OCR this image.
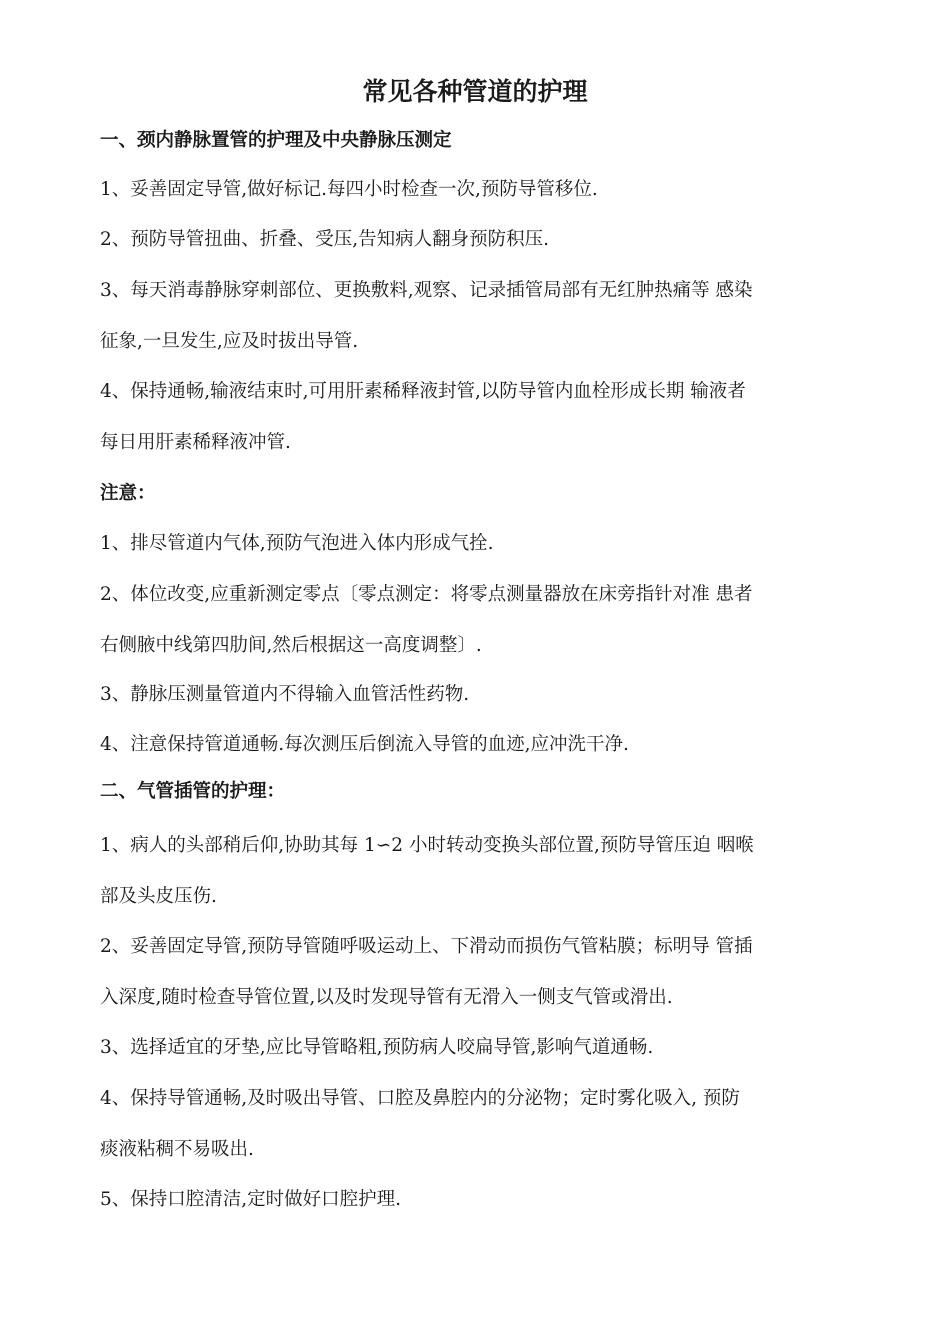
常见各种管道的护理
一、颈内静脉置管的护理及中央静脉压测定
1、妥善固定导管,做好标记.每四小时检查一次,预防导管移位.
2、预防导管扭曲、折叠、受压,告知病人翻身预防积压.
3、每天消毒静脉穿刺部位、更换敷料,观察、记录插管局部有无红肿热痛等 感染
征象,一旦发生,应及时拔出导管.
4、保持通畅,输液结束时,可用肝素稀释液封管,以防导管内血栓形成长期 输液者
每日用肝素稀释液冲管.
注意：
1、排尽管道内气体,预防气泡进入体内形成气拴.
2、体位改变,应重新测定零点〔零点测定：将零点测量器放在床旁指针对准 患者
右侧腋中线第四肋间,然后根据这一高度调整〕.
3、静脉压测量管道内不得输入血管活性药物.
4、注意保持管道通畅.每次测压后倒流入导管的血迹,应冲洗干净.
二、气管插管的护理：
1、病人的头部稍后仰,协助其每 1∽2 小时转动变换头部位置,预防导管压迫 咽喉
部及头皮压伤.
2、妥善固定导管,预防导管随呼吸运动上、下滑动而损伤气管粘膜；标明导 管插
入深度,随时检查导管位置,以及时发现导管有无滑入一侧支气管或滑出.
3、选择适宜的牙垫,应比导管略粗,预防病人咬扁导管,影响气道通畅.
4、保持导管通畅,及时吸出导管、口腔及鼻腔内的分泌物；定时雾化吸入, 预防
痰液粘稠不易吸出.
5、保持口腔清洁,定时做好口腔护理.
